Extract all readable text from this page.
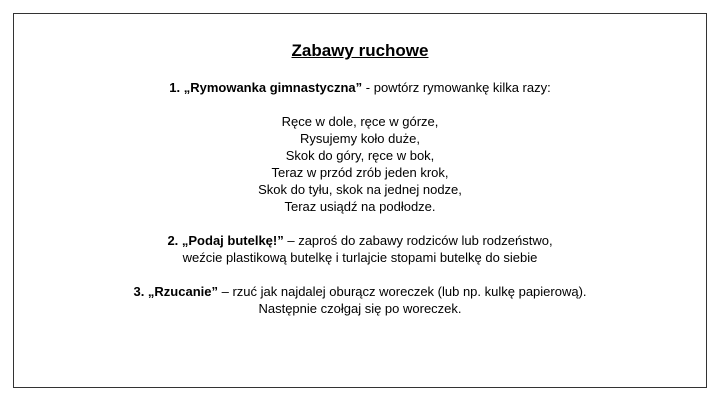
Zabawy ruchowe

1. „Rymowanka gimnastyczna” - powtórz rymowankę kilka razy:

Ręce w dole, ręce w górze,
Rysujemy koło duże,
Skok do góry, ręce w bok,
Teraz w przód zrób jeden krok,
Skok do tyłu, skok na jednej nodze,
Teraz usiądź na podłodze.

2. „Podaj butelkę!” – zaproś do zabawy rodziców lub rodzeństwo,
weźcie plastikową butelkę i turlajcie stopami butelkę do siebie

3. „Rzucanie” – rzuć jak najdalej oburącz woreczek (lub np. kulkę papierową).
Następnie czołgaj się po woreczek.
